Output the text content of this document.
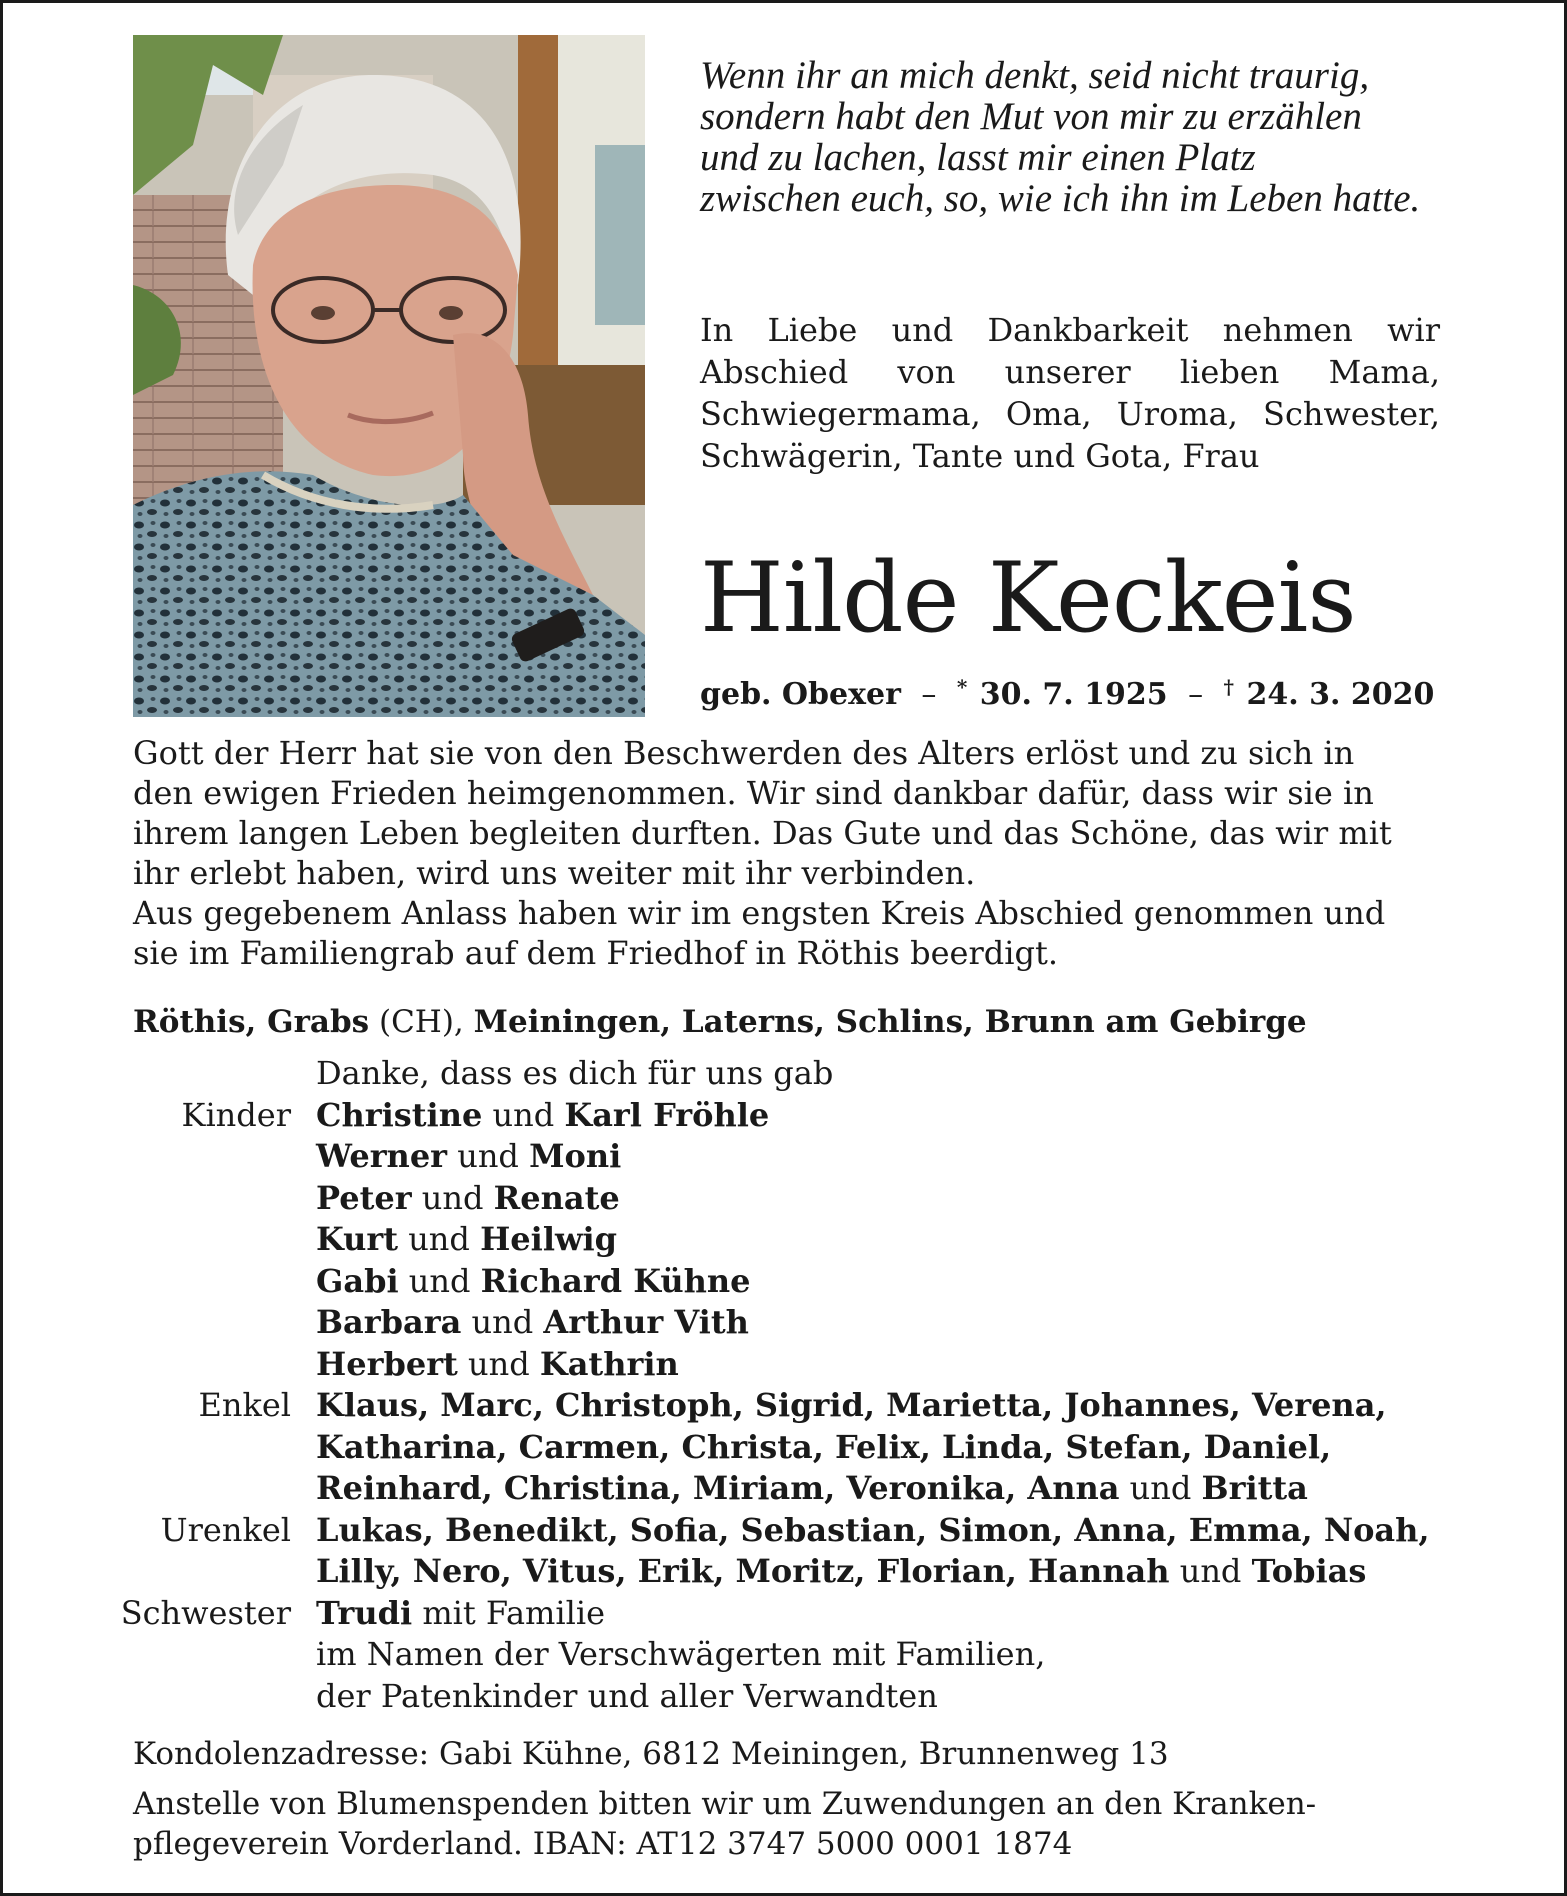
Wenn ihr an mich denkt, seid nicht traurig,
sondern habt den Mut von mir zu erzählen
und zu lachen, lasst mir einen Platz
zwischen euch, so, wie ich ihn im Leben hatte.
In Liebe und Dankbarkeit nehmen wir Abschied von unserer lieben Mama, Schwiegermama, Oma, Uroma, Schwester, Schwägerin, Tante und Gota, Frau
Hilde Keckeis
geb. Obexer – * 30. 7. 1925 – † 24. 3. 2020
Gott der Herr hat sie von den Beschwerden des Alters erlöst und zu sich in
den ewigen Frieden heimgenommen. Wir sind dankbar dafür, dass wir sie in
ihrem langen Leben begleiten durften. Das Gute und das Schöne, das wir mit
ihr erlebt haben, wird uns weiter mit ihr verbinden.
Aus gegebenem Anlass haben wir im engsten Kreis Abschied genommen und
sie im Familiengrab auf dem Friedhof in Röthis beerdigt.
Röthis, Grabs (CH), Meiningen, Laterns, Schlins, Brunn am Gebirge
Danke, dass es dich für uns gab
Kinder Christine und Karl Fröhle
Werner und Moni
Peter und Renate
Kurt und Heilwig
Gabi und Richard Kühne
Barbara und Arthur Vith
Herbert und Kathrin
Enkel Klaus, Marc, Christoph, Sigrid, Marietta, Johannes, Verena,
Katharina, Carmen, Christa, Felix, Linda, Stefan, Daniel,
Reinhard, Christina, Miriam, Veronika, Anna und Britta
Urenkel Lukas, Benedikt, Sofia, Sebastian, Simon, Anna, Emma, Noah,
Lilly, Nero, Vitus, Erik, Moritz, Florian, Hannah und Tobias
Schwester Trudi mit Familie
im Namen der Verschwägerten mit Familien,
der Patenkinder und aller Verwandten
Kondolenzadresse: Gabi Kühne, 6812 Meiningen, Brunnenweg 13
Anstelle von Blumenspenden bitten wir um Zuwendungen an den Kranken-
pflegeverein Vorderland. IBAN: AT12 3747 5000 0001 1874
